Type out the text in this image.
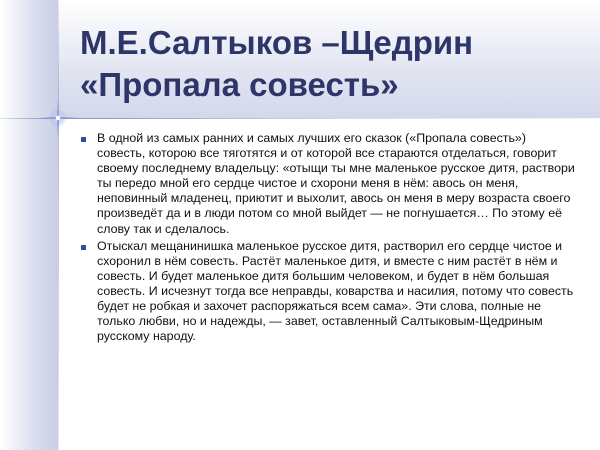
М.Е.Салтыков –Щедрин
«Пропала совесть»
В одной из самых ранних и самых лучших его сказок («Пропала совесть») совесть, которою все тяготятся и от которой все стараются отделаться, говорит своему последнему владельцу: «отыщи ты мне маленькое русское дитя, раствори ты передо мной его сердце чистое и схорони меня в нём: авось он меня, неповинный младенец, приютит и выхолит, авось он меня в меру возраста своего произведёт да и в люди потом со мной выйдет — не погнушается… По этому её слову так и сделалось.
Отыскал мещанинишка маленькое русское дитя, растворил его сердце чистое и схоронил в нём совесть. Растёт маленькое дитя, и вместе с ним растёт в нём и совесть. И будет маленькое дитя большим человеком, и будет в нём большая совесть. И исчезнут тогда все неправды, коварства и насилия, потому что совесть будет не робкая и захочет распоряжаться всем сама». Эти слова, полные не только любви, но и надежды, — завет, оставленный Салтыковым-Щедриным русскому народу.
